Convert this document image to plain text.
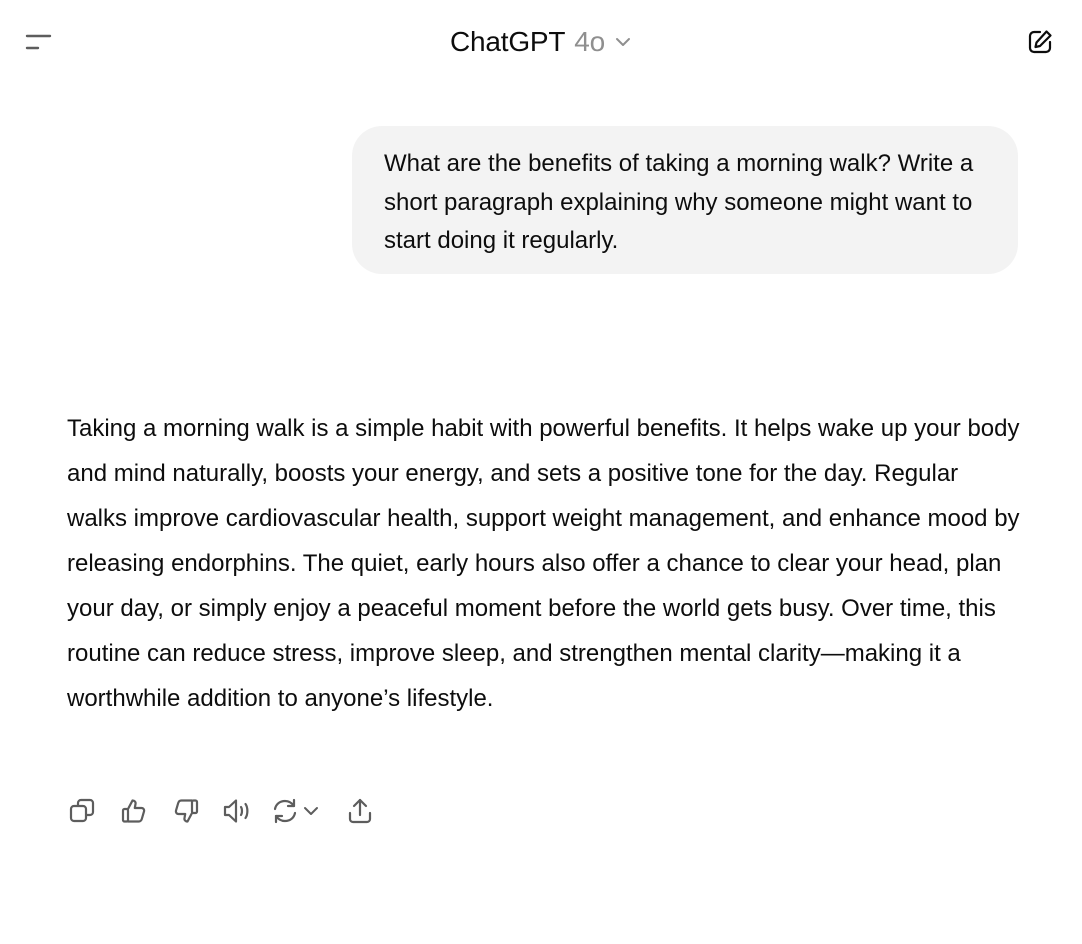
ChatGPT 4o
What are the benefits of taking a morning walk? Write a short paragraph explaining why someone might want to start doing it regularly.

Taking a morning walk is a simple habit with powerful benefits. It helps wake up your body and mind naturally, boosts your energy, and sets a positive tone for the day. Regular walks improve cardiovascular health, support weight management, and enhance mood by releasing endorphins. The quiet, early hours also offer a chance to clear your head, plan your day, or simply enjoy a peaceful moment before the world gets busy. Over time, this routine can reduce stress, improve sleep, and strengthen mental clarity—making it a worthwhile addition to anyone’s lifestyle.
